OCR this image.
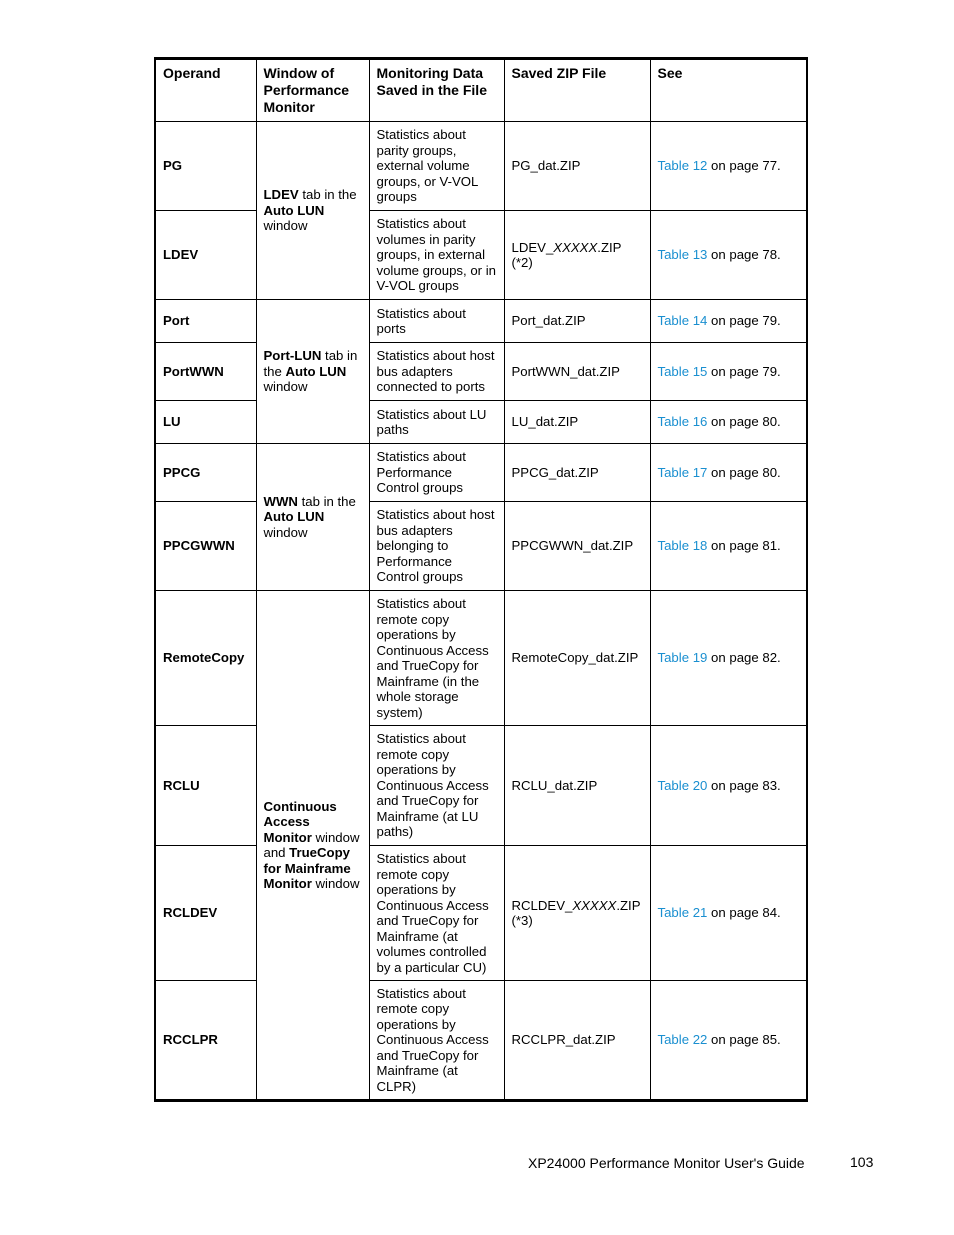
Operand	Window of Performance Monitor	Monitoring Data Saved in the File	Saved ZIP File	See
PG	LDEV tab in the Auto LUN window	Statistics about parity groups, external volume groups, or V-VOL groups	PG_dat.ZIP	Table 12 on page 77.
LDEV		Statistics about volumes in parity groups, in external volume groups, or in V-VOL groups	LDEV_XXXXX.ZIP (*2)	Table 13 on page 78.
Port	Port-LUN tab in the Auto LUN window	Statistics about ports	Port_dat.ZIP	Table 14 on page 79.
PortWWN		Statistics about host bus adapters connected to ports	PortWWN_dat.ZIP	Table 15 on page 79.
LU		Statistics about LU paths	LU_dat.ZIP	Table 16 on page 80.
PPCG	WWN tab in the Auto LUN window	Statistics about Performance Control groups	PPCG_dat.ZIP	Table 17 on page 80.
PPCGWWN		Statistics about host bus adapters belonging to Performance Control groups	PPCGWWN_dat.ZIP	Table 18 on page 81.
RemoteCopy	Continuous Access Monitor window and TrueCopy for Mainframe Monitor window	Statistics about remote copy operations by Continuous Access and TrueCopy for Mainframe (in the whole storage system)	RemoteCopy_dat.ZIP	Table 19 on page 82.
RCLU		Statistics about remote copy operations by Continuous Access and TrueCopy for Mainframe (at LU paths)	RCLU_dat.ZIP	Table 20 on page 83.
RCLDEV		Statistics about remote copy operations by Continuous Access and TrueCopy for Mainframe (at volumes controlled by a particular CU)	RCLDEV_XXXXX.ZIP (*3)	Table 21 on page 84.
RCCLPR		Statistics about remote copy operations by Continuous Access and TrueCopy for Mainframe (at CLPR)	RCCLPR_dat.ZIP	Table 22 on page 85.
XP24000 Performance Monitor User's Guide	103
